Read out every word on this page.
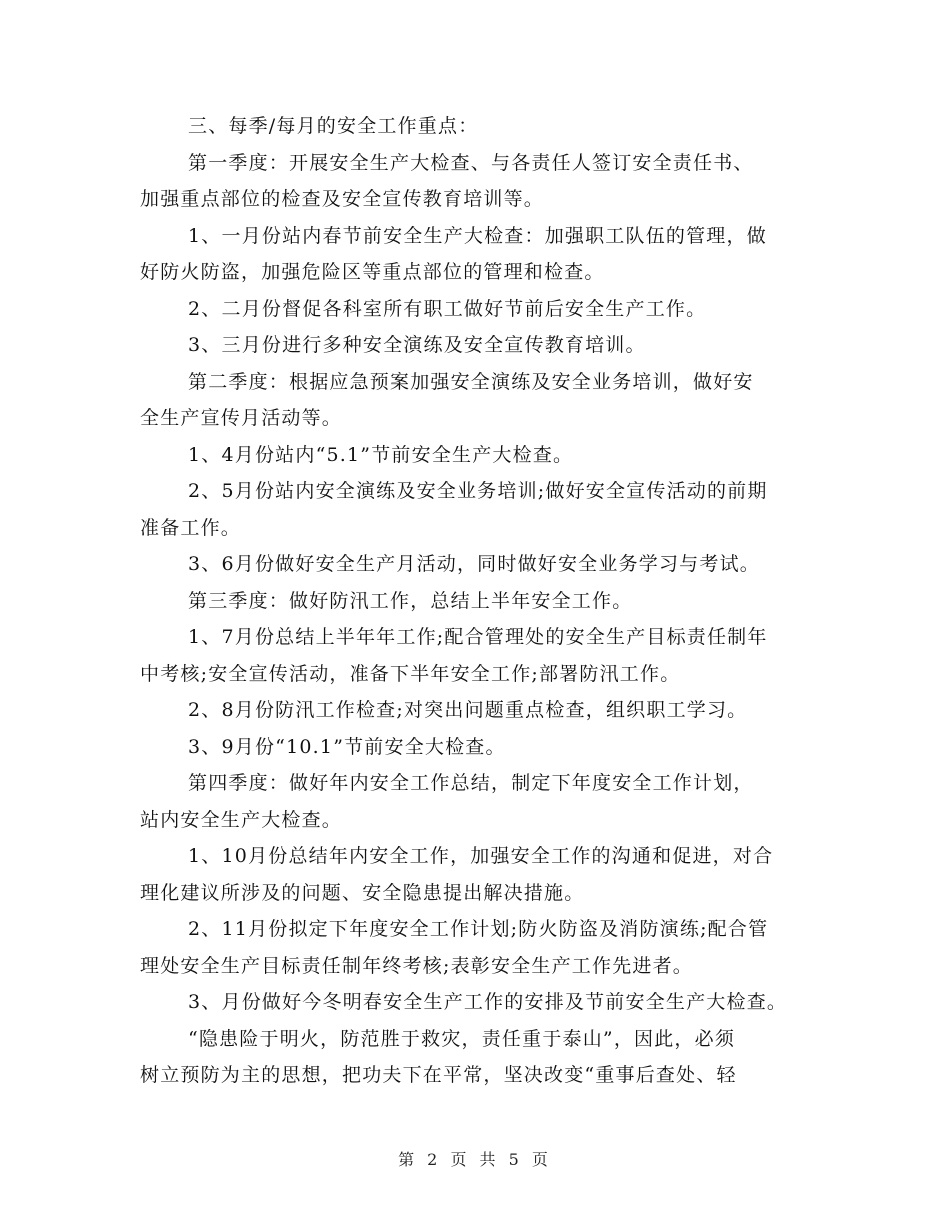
三、每季/每月的安全工作重点：
第一季度：开展安全生产大检查、与各责任人签订安全责任书、
加强重点部位的检查及安全宣传教育培训等。
1、一月份站内春节前安全生产大检查：加强职工队伍的管理，做
好防火防盗，加强危险区等重点部位的管理和检查。
2、二月份督促各科室所有职工做好节前后安全生产工作。
3、三月份进行多种安全演练及安全宣传教育培训。
第二季度：根据应急预案加强安全演练及安全业务培训，做好安
全生产宣传月活动等。
1、4月份站内“5.1”节前安全生产大检查。
2、5月份站内安全演练及安全业务培训;做好安全宣传活动的前期
准备工作。
3、6月份做好安全生产月活动，同时做好安全业务学习与考试。
第三季度：做好防汛工作，总结上半年安全工作。
1、7月份总结上半年年工作;配合管理处的安全生产目标责任制年
中考核;安全宣传活动，准备下半年安全工作;部署防汛工作。
2、8月份防汛工作检查;对突出问题重点检查，组织职工学习。
3、9月份“10.1”节前安全大检查。
第四季度：做好年内安全工作总结，制定下年度安全工作计划，
站内安全生产大检查。
1、10月份总结年内安全工作，加强安全工作的沟通和促进，对合
理化建议所涉及的问题、安全隐患提出解决措施。
2、11月份拟定下年度安全工作计划;防火防盗及消防演练;配合管
理处安全生产目标责任制年终考核;表彰安全生产工作先进者。
3、月份做好今冬明春安全生产工作的安排及节前安全生产大检查。
“隐患险于明火，防范胜于救灾，责任重于泰山”，因此，必须
树立预防为主的思想，把功夫下在平常，坚决改变“重事后查处、轻
第 2 页 共 5 页
